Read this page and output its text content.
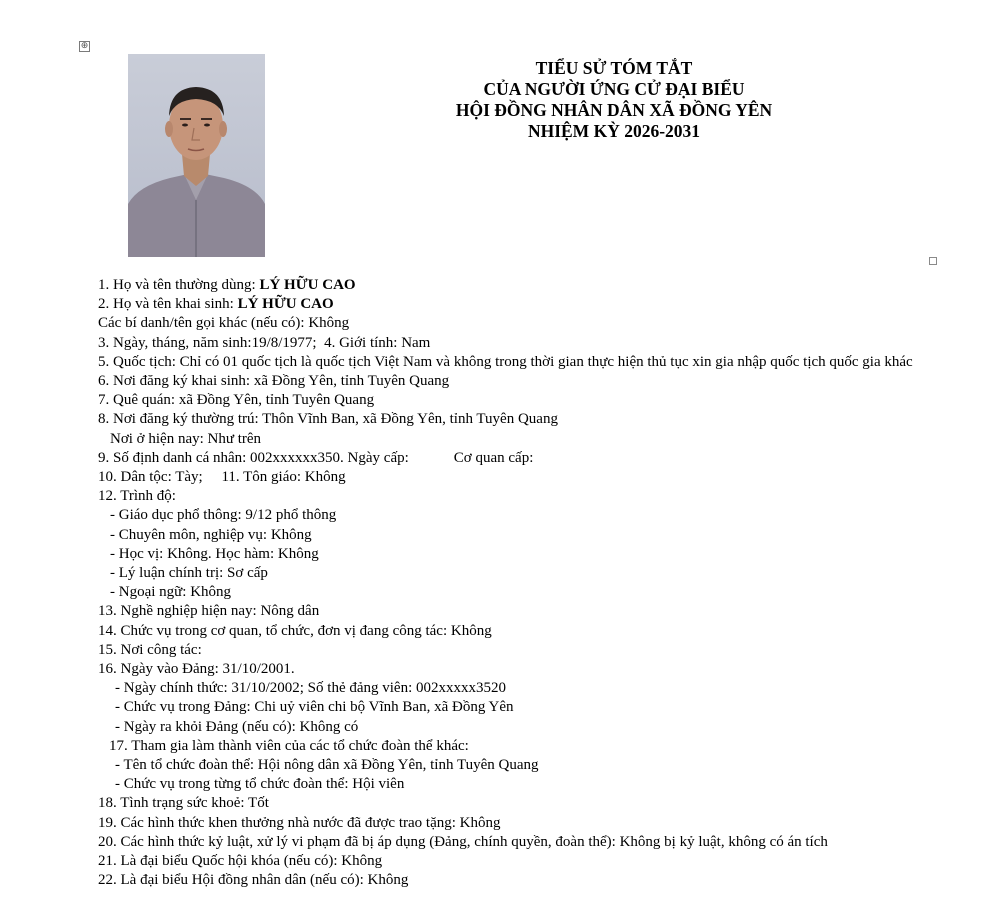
⊕
TIỂU SỬ TÓM TẮT
CỦA NGƯỜI ỨNG CỬ ĐẠI BIỂU
HỘI ĐỒNG NHÂN DÂN XÃ ĐỒNG YÊN
NHIỆM KỲ 2026-2031
1. Họ và tên thường dùng: LÝ HỮU CAO
2. Họ và tên khai sinh: LÝ HỮU CAO
Các bí danh/tên gọi khác (nếu có): Không
3. Ngày, tháng, năm sinh:19/8/1977;  4. Giới tính: Nam
5. Quốc tịch: Chỉ có 01 quốc tịch là quốc tịch Việt Nam và không trong thời gian thực hiện thủ tục xin gia nhập quốc tịch quốc gia khác
6. Nơi đăng ký khai sinh: xã Đồng Yên, tỉnh Tuyên Quang
7. Quê quán: xã Đồng Yên, tỉnh Tuyên Quang
8. Nơi đăng ký thường trú: Thôn Vĩnh Ban, xã Đồng Yên, tỉnh Tuyên Quang
Nơi ở hiện nay: Như trên
9. Số định danh cá nhân: 002xxxxxx350. Ngày cấp:            Cơ quan cấp:
10. Dân tộc: Tày;     11. Tôn giáo: Không
12. Trình độ:
- Giáo dục phổ thông: 9/12 phổ thông
- Chuyên môn, nghiệp vụ: Không
- Học vị: Không. Học hàm: Không
- Lý luận chính trị: Sơ cấp
- Ngoại ngữ: Không
13. Nghề nghiệp hiện nay: Nông dân
14. Chức vụ trong cơ quan, tổ chức, đơn vị đang công tác: Không
15. Nơi công tác:
16. Ngày vào Đảng: 31/10/2001.
- Ngày chính thức: 31/10/2002; Số thẻ đảng viên: 002xxxxx3520
- Chức vụ trong Đảng: Chi uỷ viên chi bộ Vĩnh Ban, xã Đồng Yên
- Ngày ra khỏi Đảng (nếu có): Không có
17. Tham gia làm thành viên của các tổ chức đoàn thể khác:
- Tên tổ chức đoàn thể: Hội nông dân xã Đồng Yên, tỉnh Tuyên Quang
- Chức vụ trong từng tổ chức đoàn thể: Hội viên
18. Tình trạng sức khoẻ: Tốt
19. Các hình thức khen thưởng nhà nước đã được trao tặng: Không
20. Các hình thức kỷ luật, xử lý vi phạm đã bị áp dụng (Đảng, chính quyền, đoàn thể): Không bị kỷ luật, không có án tích
21. Là đại biểu Quốc hội khóa (nếu có): Không
22. Là đại biểu Hội đồng nhân dân (nếu có): Không
